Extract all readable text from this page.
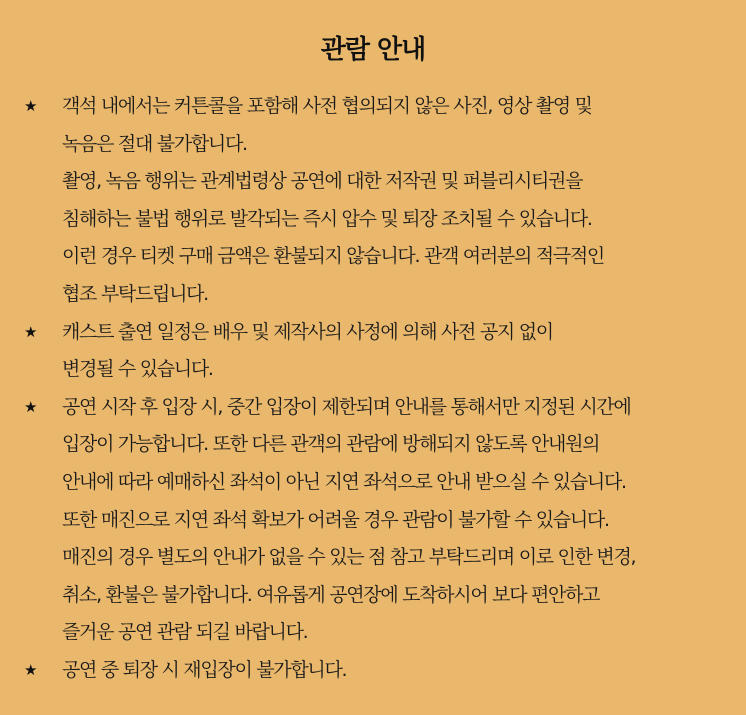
관람 안내
★ 객석 내에서는 커튼콜을 포함해 사전 협의되지 않은 사진, 영상 촬영 및
녹음은 절대 불가합니다.
촬영, 녹음 행위는 관계법령상 공연에 대한 저작권 및 퍼블리시티권을
침해하는 불법 행위로 발각되는 즉시 압수 및 퇴장 조치될 수 있습니다.
이런 경우 티켓 구매 금액은 환불되지 않습니다. 관객 여러분의 적극적인
협조 부탁드립니다.
★ 캐스트 출연 일정은 배우 및 제작사의 사정에 의해 사전 공지 없이
변경될 수 있습니다.
★ 공연 시작 후 입장 시, 중간 입장이 제한되며 안내를 통해서만 지정된 시간에
입장이 가능합니다. 또한 다른 관객의 관람에 방해되지 않도록 안내원의
안내에 따라 예매하신 좌석이 아닌 지연 좌석으로 안내 받으실 수 있습니다.
또한 매진으로 지연 좌석 확보가 어려울 경우 관람이 불가할 수 있습니다.
매진의 경우 별도의 안내가 없을 수 있는 점 참고 부탁드리며 이로 인한 변경,
취소, 환불은 불가합니다. 여유롭게 공연장에 도착하시어 보다 편안하고
즐거운 공연 관람 되길 바랍니다.
★ 공연 중 퇴장 시 재입장이 불가합니다.
